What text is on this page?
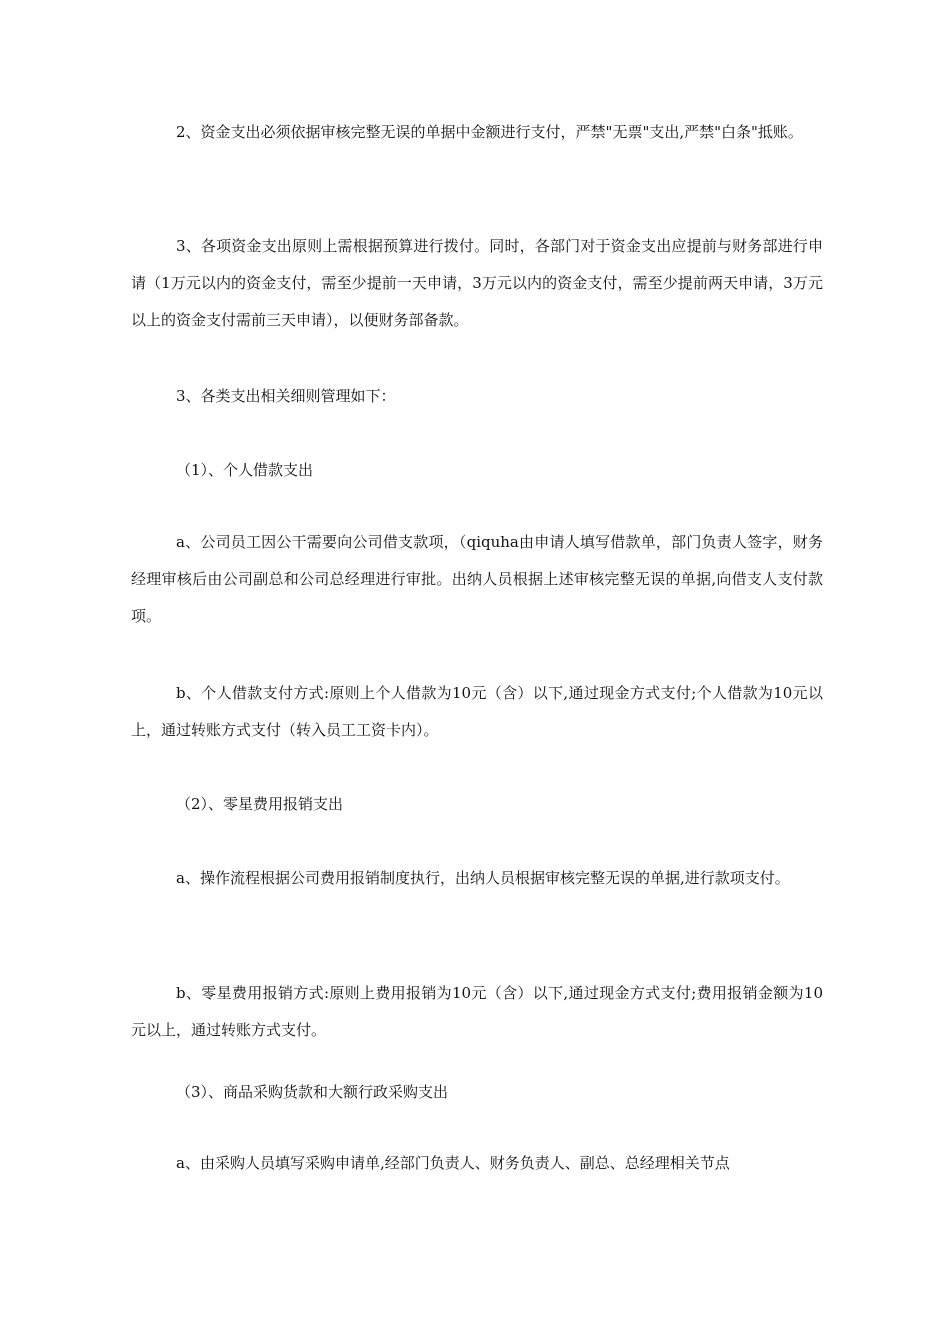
2、资金支出必须依据审核完整无误的单据中金额进行支付，严禁"无票"支出,严禁"白条"抵账。

3、各项资金支出原则上需根据预算进行拨付。同时，各部门对于资金支出应提前与财务部进行申请（1万元以内的资金支付，需至少提前一天申请，3万元以内的资金支付，需至少提前两天申请，3万元以上的资金支付需前三天申请），以便财务部备款。

3、各类支出相关细则管理如下：

（1）、个人借款支出

a、公司员工因公干需要向公司借支款项，（qiquha由申请人填写借款单，部门负责人签字，财务经理审核后由公司副总和公司总经理进行审批。出纳人员根据上述审核完整无误的单据,向借支人支付款项。

b、个人借款支付方式:原则上个人借款为10元（含）以下,通过现金方式支付;个人借款为10元以上，通过转账方式支付（转入员工工资卡内）。

（2）、零星费用报销支出

a、操作流程根据公司费用报销制度执行，出纳人员根据审核完整无误的单据,进行款项支付。

b、零星费用报销方式:原则上费用报销为10元（含）以下,通过现金方式支付;费用报销金额为10元以上，通过转账方式支付。

（3）、商品采购货款和大额行政采购支出

a、由采购人员填写采购申请单,经部门负责人、财务负责人、副总、总经理相关节点
